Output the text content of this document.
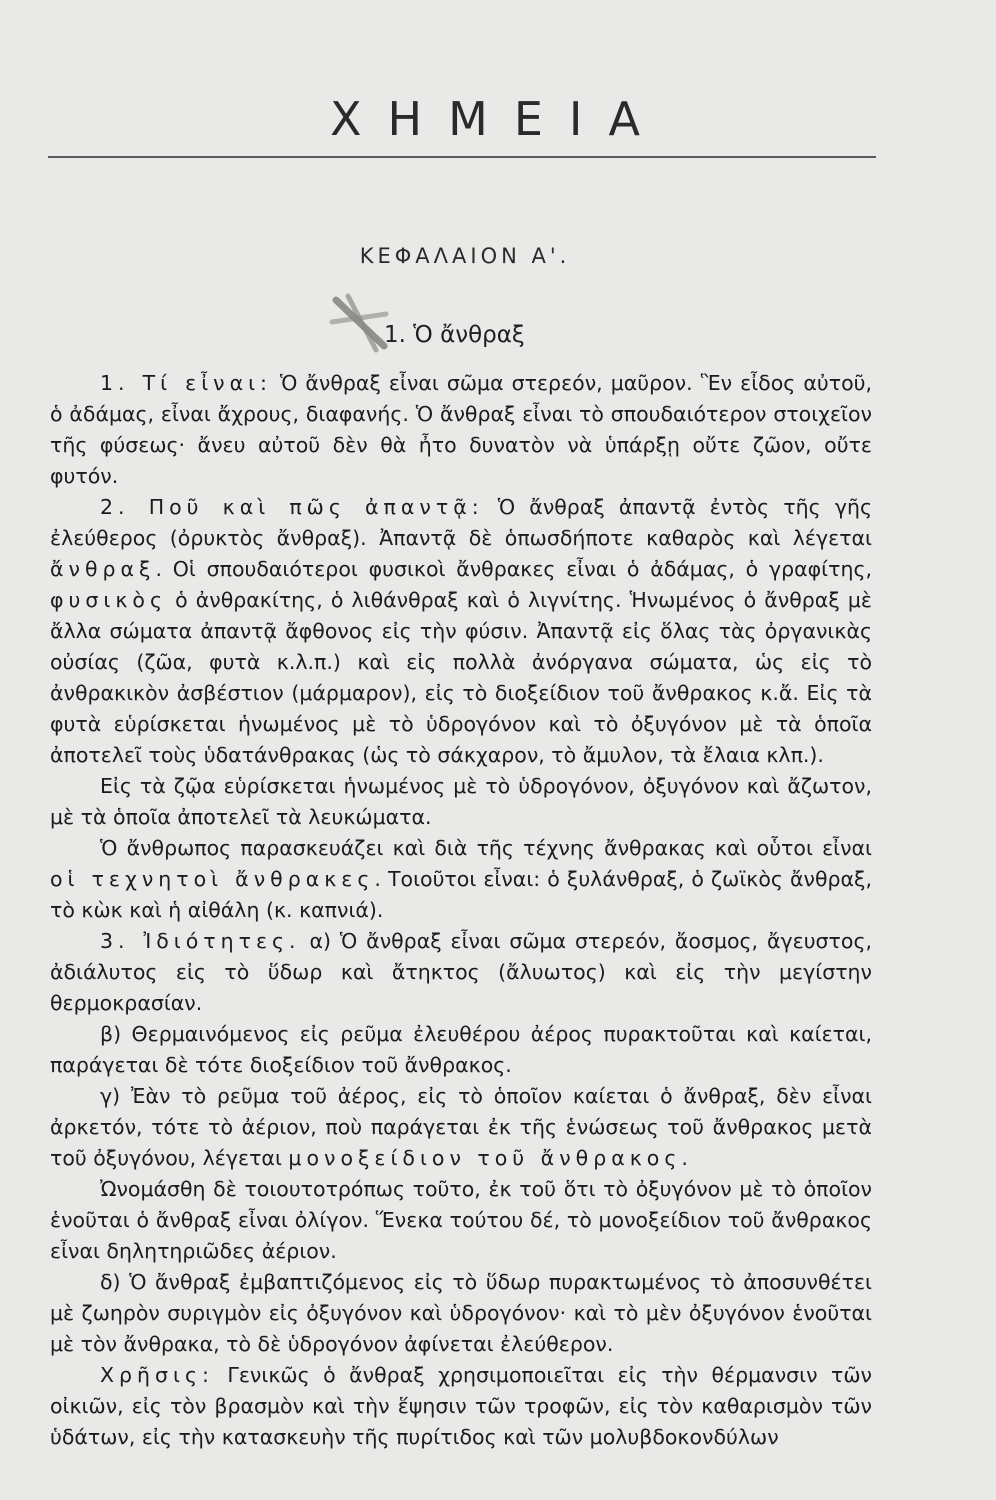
ΧΗΜΕΙΑ
ΚΕΦΑΛΑΙΟΝ Α'.
1. Ὁ ἄνθραξ

1. Τί εἶναι: Ὁ ἄνθραξ εἶναι σῶμα στερεόν, μαῦρον. Ἓν εἶδος αὐτοῦ, ὁ ἀδάμας, εἶναι ἄχρους, διαφανής. Ὁ ἄνθραξ εἶναι τὸ σπουδαιότερον στοιχεῖον τῆς φύσεως· ἄνευ αὐτοῦ δὲν θὰ ἦτο δυνατὸν νὰ ὑπάρξῃ οὔτε ζῶον, οὔτε φυτόν.

2. Ποῦ καὶ πῶς ἀπαντᾷ: Ὁ ἄνθραξ ἀπαντᾷ ἐντὸς τῆς γῆς ἐλεύθερος (ὀρυκτὸς ἄνθραξ). Ἀπαντᾷ δὲ ὁπωσδήποτε καθαρὸς καὶ λέγεται ἄνθραξ. Οἱ σπουδαιότεροι φυσικοὶ ἄνθρακες εἶναι ὁ ἀδάμας, ὁ γραφίτης, φυσικὸς ὁ ἀνθρακίτης, ὁ λιθάνθραξ καὶ ὁ λιγνίτης. Ἡνωμένος ὁ ἄνθραξ μὲ ἄλλα σώματα ἀπαντᾷ ἄφθονος εἰς τὴν φύσιν. Ἀπαντᾷ εἰς ὅλας τὰς ὀργανικὰς οὐσίας (ζῶα, φυτὰ κ.λ.π.) καὶ εἰς πολλὰ ἀνόργανα σώματα, ὡς εἰς τὸ ἀνθρακικὸν ἀσβέστιον (μάρμαρον), εἰς τὸ διοξείδιον τοῦ ἄνθρακος κ.ἄ. Εἰς τὰ φυτὰ εὑρίσκεται ἡνωμένος μὲ τὸ ὑδρογόνον καὶ τὸ ὀξυγόνον μὲ τὰ ὁποῖα ἀποτελεῖ τοὺς ὑδατάνθρακας (ὡς τὸ σάκχαρον, τὸ ἄμυλον, τὰ ἔλαια κλπ.).

Εἰς τὰ ζῷα εὑρίσκεται ἡνωμένος μὲ τὸ ὑδρογόνον, ὀξυγόνον καὶ ἄζωτον, μὲ τὰ ὁποῖα ἀποτελεῖ τὰ λευκώματα.

Ὁ ἄνθρωπος παρασκευάζει καὶ διὰ τῆς τέχνης ἄνθρακας καὶ οὗτοι εἶναι οἱ τεχνητοὶ ἄνθρακες. Τοιοῦτοι εἶναι: ὁ ξυλάνθραξ, ὁ ζωϊκὸς ἄνθραξ, τὸ κὼκ καὶ ἡ αἰθάλη (κ. καπνιά).

3. Ἰδιότητες. α) Ὁ ἄνθραξ εἶναι σῶμα στερεόν, ἄοσμος, ἄγευστος, ἀδιάλυτος εἰς τὸ ὕδωρ καὶ ἄτηκτος (ἄλυωτος) καὶ εἰς τὴν μεγίστην θερμοκρασίαν.

β) Θερμαινόμενος εἰς ρεῦμα ἐλευθέρου ἀέρος πυρακτοῦται καὶ καίεται, παράγεται δὲ τότε διοξείδιον τοῦ ἄνθρακος.

γ) Ἐὰν τὸ ρεῦμα τοῦ ἀέρος, εἰς τὸ ὁποῖον καίεται ὁ ἄνθραξ, δὲν εἶναι ἀρκετόν, τότε τὸ ἀέριον, ποὺ παράγεται ἐκ τῆς ἑνώσεως τοῦ ἄνθρακος μετὰ τοῦ ὀξυγόνου, λέγεται μονοξείδιον τοῦ ἄνθρακος.

Ὠνομάσθη δὲ τοιουτοτρόπως τοῦτο, ἐκ τοῦ ὅτι τὸ ὀξυγόνον μὲ τὸ ὁποῖον ἑνοῦται ὁ ἄνθραξ εἶναι ὀλίγον. Ἕνεκα τούτου δέ, τὸ μονοξείδιον τοῦ ἄνθρακος εἶναι δηλητηριῶδες ἀέριον.

δ) Ὁ ἄνθραξ ἐμβαπτιζόμενος εἰς τὸ ὕδωρ πυρακτωμένος τὸ ἀποσυνθέτει μὲ ζωηρὸν συριγμὸν εἰς ὀξυγόνον καὶ ὑδρογόνον· καὶ τὸ μὲν ὀξυγόνον ἑνοῦται μὲ τὸν ἄνθρακα, τὸ δὲ ὑδρογόνον ἀφίνεται ἐλεύθερον.

Χρῆσις: Γενικῶς ὁ ἄνθραξ χρησιμοποιεῖται εἰς τὴν θέρμανσιν τῶν οἰκιῶν, εἰς τὸν βρασμὸν καὶ τὴν ἕψησιν τῶν τροφῶν, εἰς τὸν καθαρισμὸν τῶν ὑδάτων, εἰς τὴν κατασκευὴν τῆς πυρίτιδος καὶ τῶν μολυβδοκονδύλων
